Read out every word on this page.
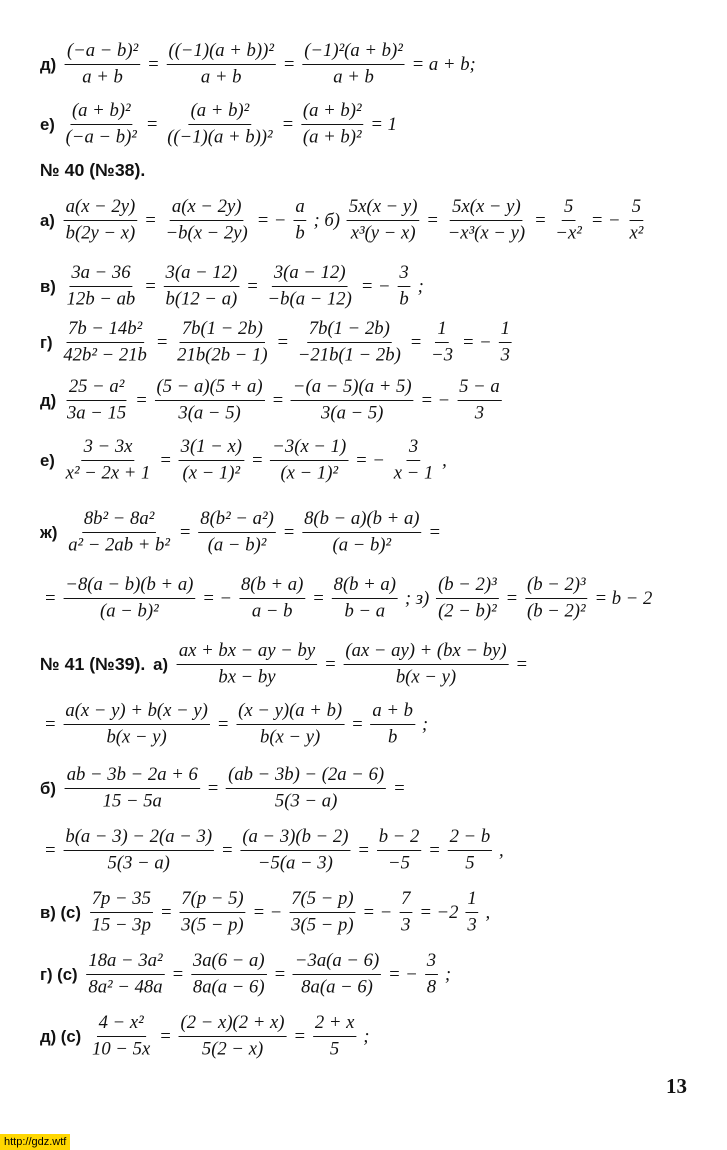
$д) \frac{\text{(−a − b)²}}{a + b} = \frac{\text{((−1)(a + b))²}}{a + b} = \frac{\text{(−1)²(a + b)²}}{a + b} = a + b$;
$е) \frac{\text{(a + b)²}}{\text{(−a − b)²}} = \frac{\text{(a + b)²}}{\text{((−1)(a + b))²}} = \frac{\text{(a + b)²}}{\text{(a + b)²}} = 1$
№ 40 (№38).
$а) \frac{a(x - 2y)}{b(2y - x)} = \frac{a(x - 2y)}{-b(x - 2y)}$ = − $\frac{a}{b}$ ; $б) \frac{5x(x - y)}{\text{x³(y − x)}} = \frac{5x(x - y)}{\text{−x³(x − y)}} = \frac{5}{\text{−x²}}$ = − $\frac{5}{\text{x²}}$
$в) \frac{3a - 36}{12b - ab} = \frac{3(a - 12)}{b(12 - a)} = \frac{3(a - 12)}{-b(a - 12)}$ = − $\frac{3}{b}$ ;
$г) \frac{\text{7b − 14b²}}{\text{42b² − 21b}} = \frac{7b(1 - 2b)}{21b(2b - 1)} = \frac{7b(1 - 2b)}{-21b(1 - 2b)} = \frac{1}{-3}$ = − $\frac{1}{3}$
$д) \frac{\text{25 − a²}}{3a - 15} = \frac{(5 - a)(5 + a)}{3(a - 5)} = \frac{-(a - 5)(a + 5)}{3(a - 5)}$ = − $\frac{5 - a}{3}$
$е) \frac{3 - 3x}{\text{x² − 2x + 1}} = \frac{3(1 - x)}{\text{(x − 1)²}} = \frac{-3(x - 1)}{\text{(x − 1)²}}$ = − $\frac{3}{x - 1}$ ,
$ж) \frac{\text{8b² − 8a²}}{\text{a² − 2ab + b²}} = \frac{\text{8(b² − a²)}}{\text{(a − b)²}} = \frac{8(b - a)(b + a)}{\text{(a − b)²}}$ =
= $\frac{-8(a - b)(b + a)}{\text{(a − b)²}}$ = − $\frac{8(b + a)}{a - b} = \frac{8(b + a)}{b - a}$ ; $з) \frac{\text{(b − 2)³}}{\text{(2 − b)²}} = \frac{\text{(b − 2)³}}{\text{(b − 2)²}} = b - 2$
№ 41 (№39). $а) \frac{ax + bx - ay - by}{bx - by} = \frac{(ax - ay) + (bx - by)}{b(x - y)}$ =
= $\frac{a(x - y) + b(x - y)}{b(x - y)} = \frac{(x - y)(a + b)}{b(x - y)} = \frac{a + b}{b}$ ;
$б) \frac{ab - 3b - 2a + 6}{15 - 5a} = \frac{(ab - 3b) - (2a - 6)}{5(3 - a)}$ =
= $\frac{b(a - 3) - 2(a - 3)}{5(3 - a)} = \frac{(a - 3)(b - 2)}{-5(a - 3)} = \frac{b - 2}{-5} = \frac{2 - b}{5}$ ,
в) $(с) \frac{7p - 35}{15 - 3p} = \frac{7(p - 5)}{3(5 - p)}$ = − $\frac{7(5 - p)}{3(5 - p)}$ = − $\frac{7}{3} = -2 \frac{1}{3}$ ,
г) $(с) \frac{\text{18a − 3a²}}{\text{8a² − 48a}} = \frac{3a(6 - a)}{8a(a - 6)} = \frac{-3a(a - 6)}{8a(a - 6)}$ = − $\frac{3}{8}$ ;
д) $(с) \frac{\text{4 − x²}}{10 - 5x} = \frac{(2 - x)(2 + x)}{5(2 - x)} = \frac{2 + x}{5}$ ;
13
http://gdz.wtf
